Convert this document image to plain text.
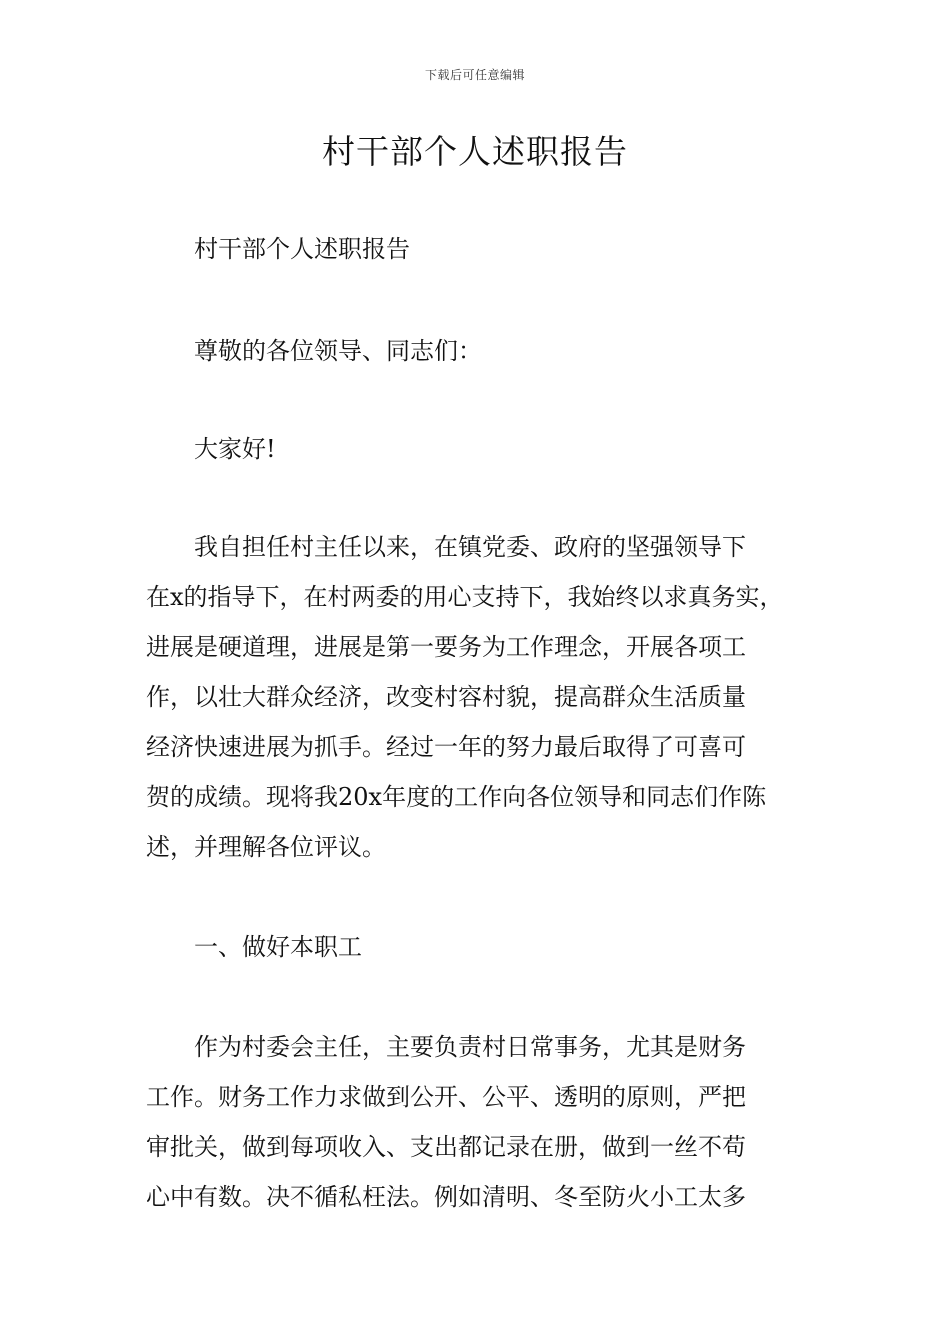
下载后可任意编辑
村干部个人述职报告
村干部个人述职报告
尊敬的各位领导、同志们：
大家好!
我自担任村主任以来，在镇党委、政府的坚强领导下
在x的指导下，在村两委的用心支持下，我始终以求真务实，
进展是硬道理，进展是第一要务为工作理念，开展各项工
作，以壮大群众经济，改变村容村貌，提高群众生活质量
经济快速进展为抓手。经过一年的努力最后取得了可喜可
贺的成绩。现将我20x年度的工作向各位领导和同志们作陈
述，并理解各位评议。
一、做好本职工
作为村委会主任，主要负责村日常事务，尤其是财务
工作。财务工作力求做到公开、公平、透明的原则，严把
审批关，做到每项收入、支出都记录在册，做到一丝不苟
心中有数。决不循私枉法。例如清明、冬至防火小工太多
